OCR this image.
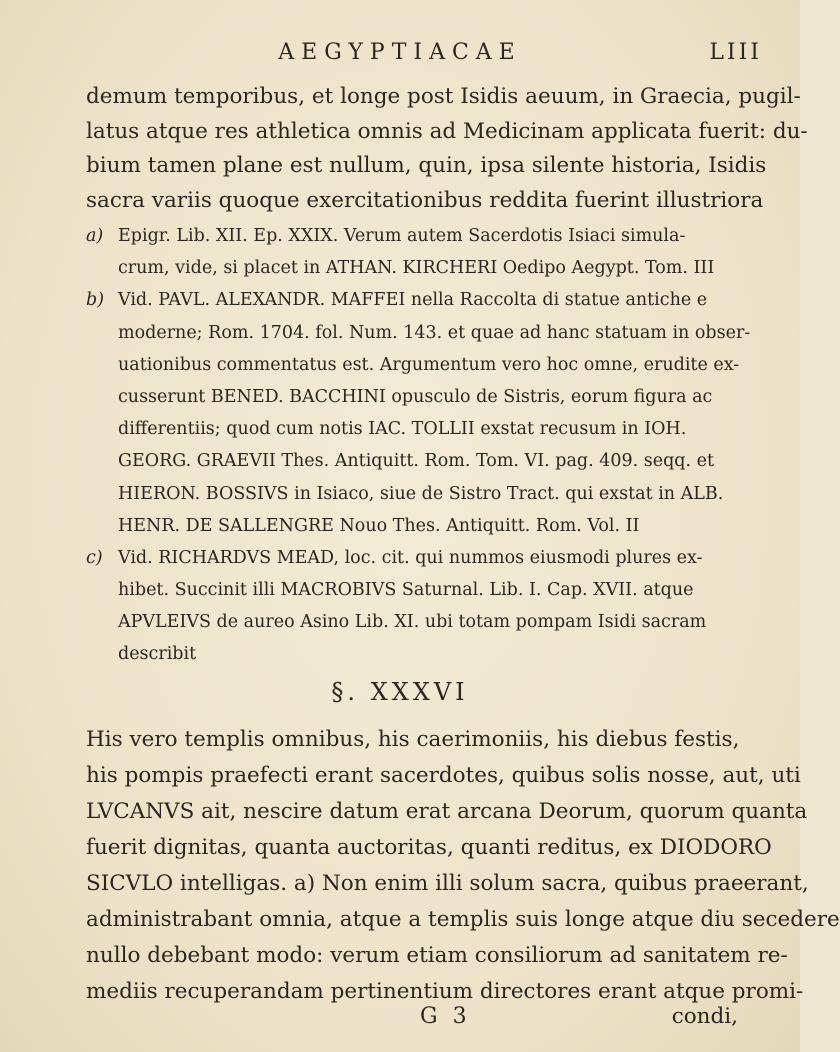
AEGYPTIACAE	LIII
demum temporibus, et longe post Isidis aeuum, in Graecia, pugil-
latus atque res athletica omnis ad Medicinam applicata fuerit: du-
bium tamen plane est nullum, quin, ipsa silente historia, Isidis
sacra variis quoque exercitationibus reddita fuerint illustriora
a) Epigr. Lib. XII. Ep. XXIX. Verum autem Sacerdotis Isiaci simula-
crum, vide, si placet in ATHAN. KIRCHERI Oedipo Aegypt. Tom. III
b) Vid. PAVL. ALEXANDR. MAFFEI nella Raccolta di statue antiche e
moderne; Rom. 1704. fol. Num. 143. et quae ad hanc statuam in obser-
uationibus commentatus est. Argumentum vero hoc omne, erudite ex-
cusserunt BENED. BACCHINI opusculo de Sistris, eorum figura ac
differentiis; quod cum notis IAC. TOLLII exstat recusum in IOH.
GEORG. GRAEVII Thes. Antiquitt. Rom. Tom. VI. pag. 409. seqq. et
HIERON. BOSSIVS in Isiaco, siue de Sistro Tract. qui exstat in ALB.
HENR. DE SALLENGRE Nouo Thes. Antiquitt. Rom. Vol. II
c) Vid. RICHARDVS MEAD, loc. cit. qui nummos eiusmodi plures ex-
hibet. Succinit illi MACROBIVS Saturnal. Lib. I. Cap. XVII. atque
APVLEIVS de aureo Asino Lib. XI. ubi totam pompam Isidi sacram
describit
§. XXXVI
His vero templis omnibus, his caerimoniis, his diebus festis,
his pompis praefecti erant sacerdotes, quibus solis nosse, aut, uti
LVCANVS ait, nescire datum erat arcana Deorum, quorum quanta
fuerit dignitas, quanta auctoritas, quanti reditus, ex DIODORO
SICVLO intelligas. a) Non enim illi solum sacra, quibus praeerant,
administrabant omnia, atque a templis suis longe atque diu secedere
nullo debebant modo: verum etiam consiliorum ad sanitatem re-
mediis recuperandam pertinentium directores erant atque promi-
G 3	condi,
